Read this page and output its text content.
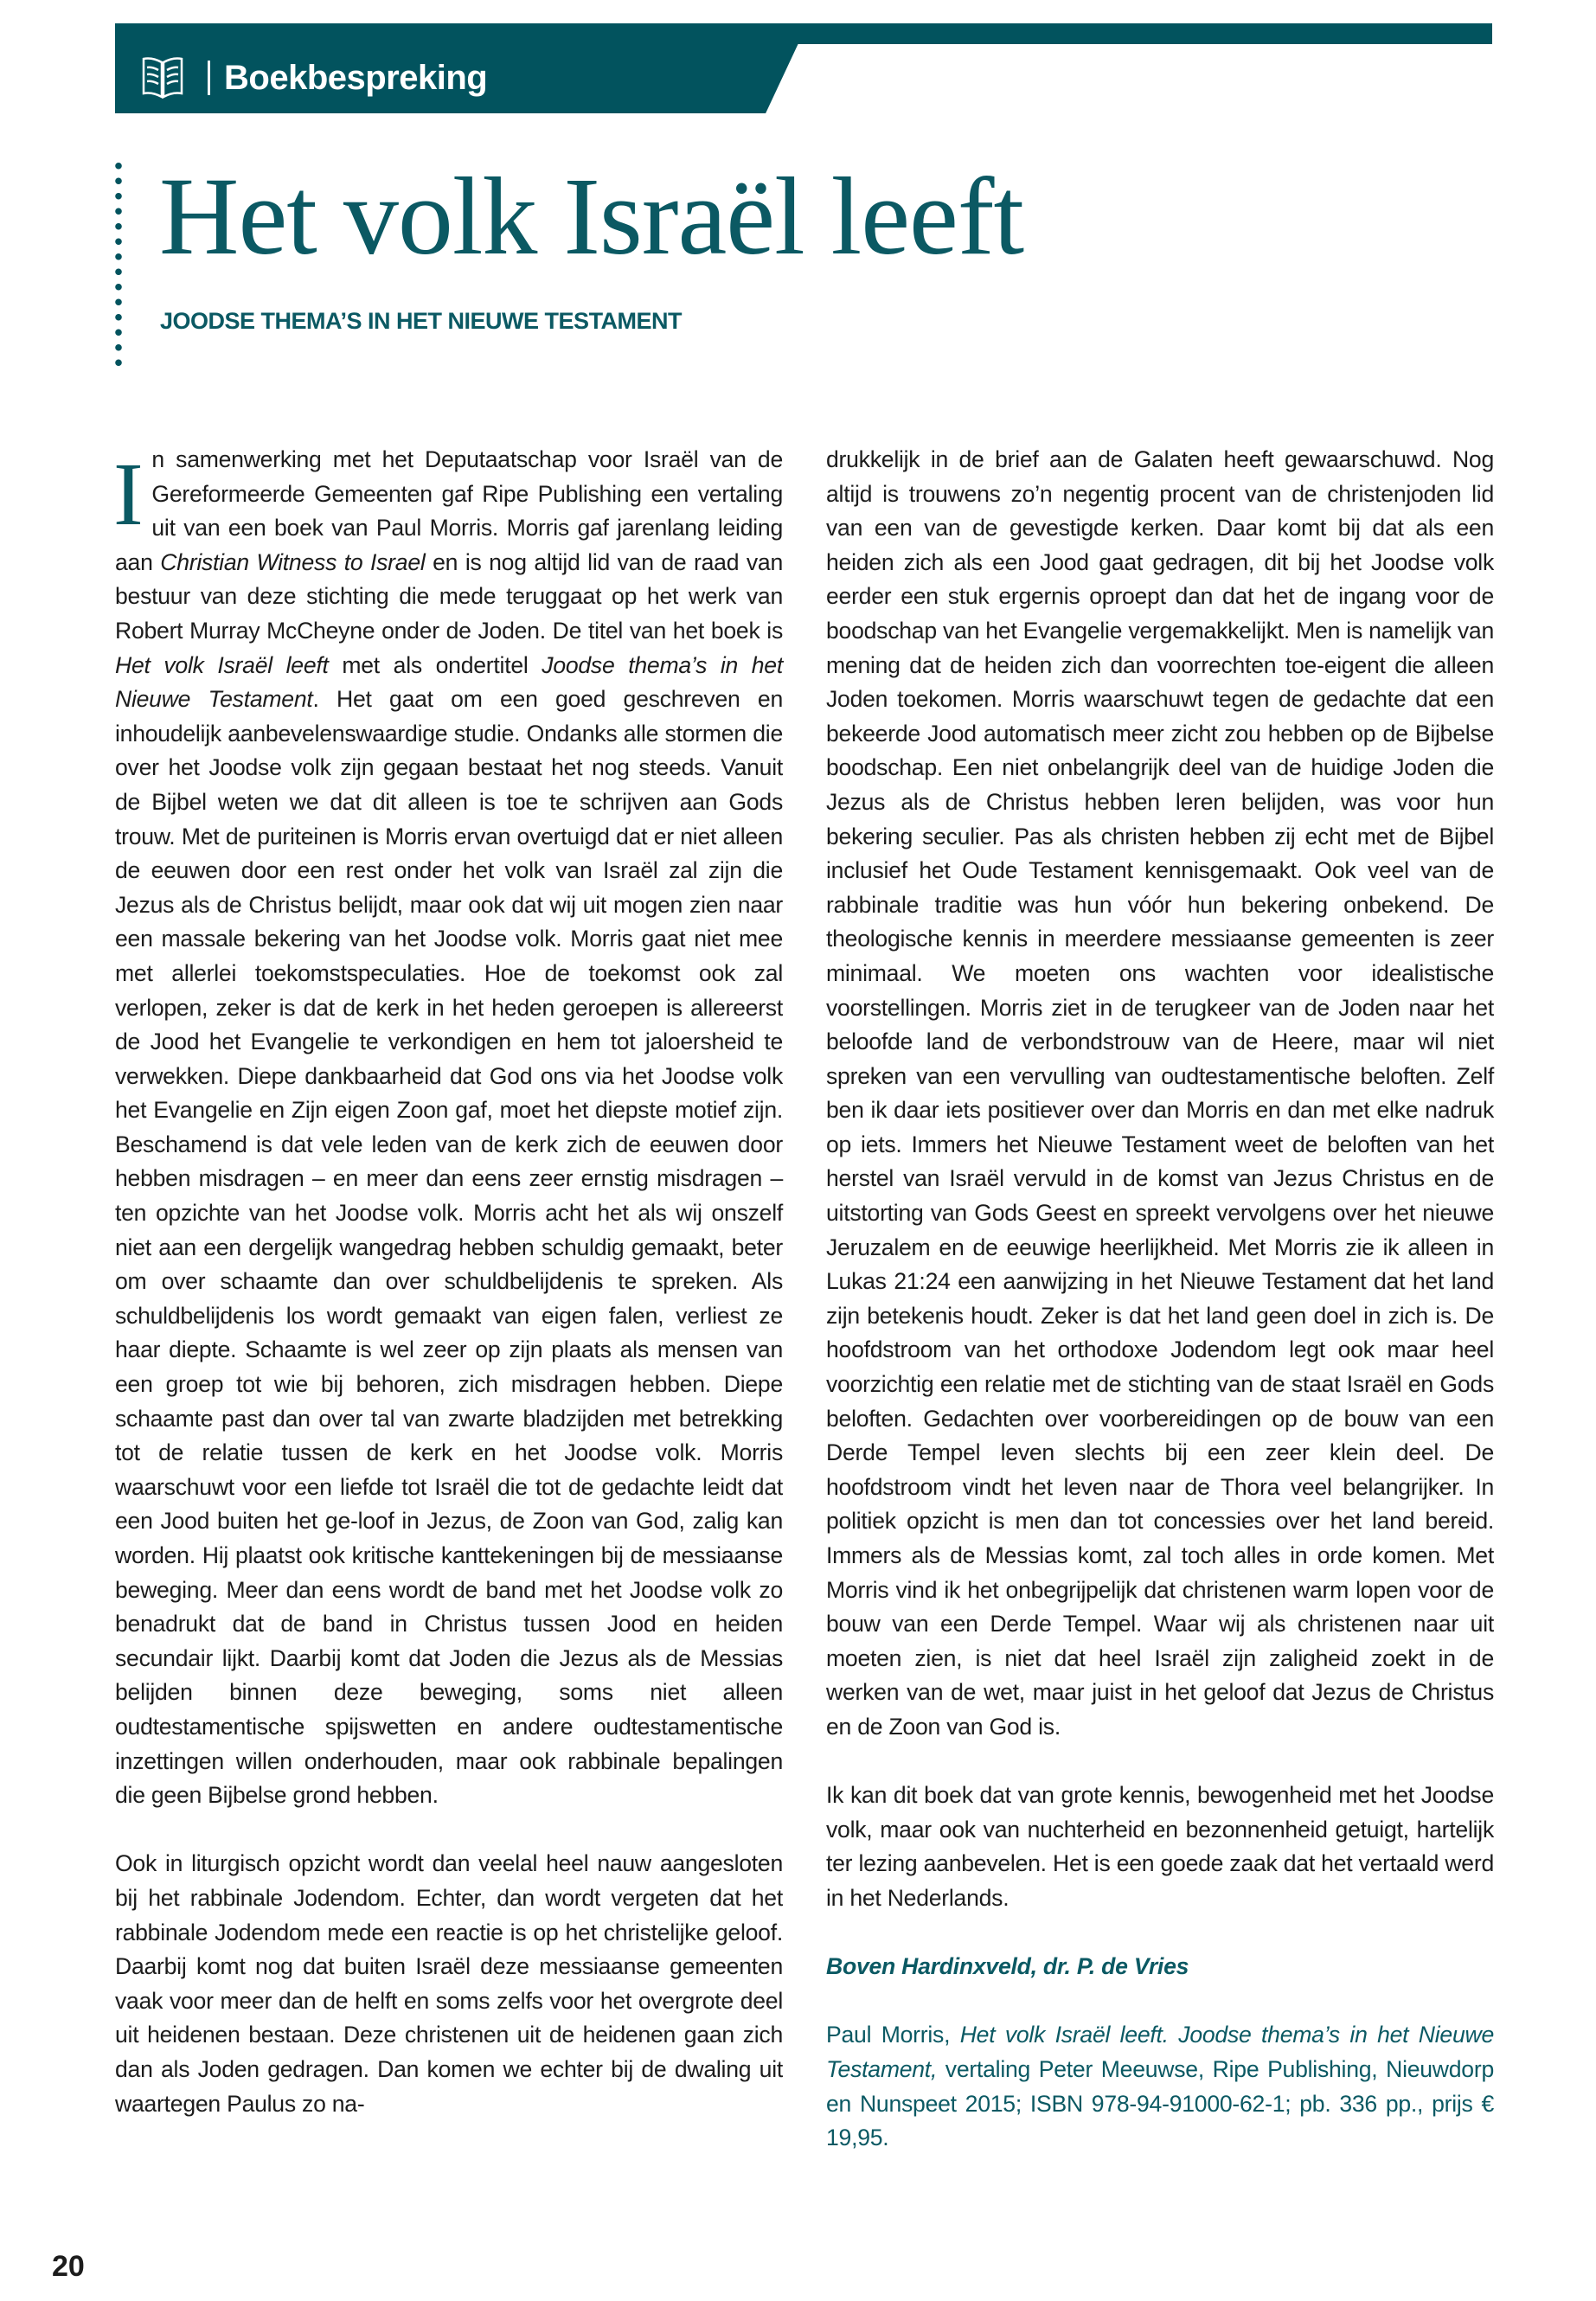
Boekbespreking
Het volk Israël leeft
JOODSE THEMA’S IN HET NIEUWE TESTAMENT

In samenwerking met het Deputaatschap voor Israël van de Gereformeerde Gemeenten gaf Ripe Publishing een vertaling uit van een boek van Paul Morris. Morris gaf jarenlang leiding aan Christian Witness to Israel en is nog altijd lid van de raad van bestuur van deze stichting die mede teruggaat op het werk van Robert Murray McCheyne onder de Joden. De titel van het boek is Het volk Israël leeft met als ondertitel Joodse thema’s in het Nieuwe Testament. Het gaat om een goed geschreven en inhoudelijk aanbevelenswaardige studie. Ondanks alle stormen die over het Joodse volk zijn gegaan bestaat het nog steeds. Vanuit de Bijbel weten we dat dit alleen is toe te schrijven aan Gods trouw. Met de puriteinen is Morris ervan overtuigd dat er niet alleen de eeuwen door een rest onder het volk van Israël zal zijn die Jezus als de Christus belijdt, maar ook dat wij uit mogen zien naar een massale bekering van het Joodse volk. Morris gaat niet mee met allerlei toekomstspeculaties. Hoe de toekomst ook zal verlopen, zeker is dat de kerk in het heden geroepen is allereerst de Jood het Evangelie te verkondigen en hem tot jaloersheid te verwekken. Diepe dankbaarheid dat God ons via het Joodse volk het Evangelie en Zijn eigen Zoon gaf, moet het diepste motief zijn. Beschamend is dat vele leden van de kerk zich de eeuwen door hebben misdragen – en meer dan eens zeer ernstig misdragen – ten opzichte van het Joodse volk. Morris acht het als wij onszelf niet aan een dergelijk wangedrag hebben schuldig gemaakt, beter om over schaamte dan over schuldbelijdenis te spreken. Als schuldbelijdenis los wordt gemaakt van eigen falen, verliest ze haar diepte. Schaamte is wel zeer op zijn plaats als mensen van een groep tot wie bij behoren, zich misdragen hebben. Diepe schaamte past dan over tal van zwarte bladzijden met betrekking tot de relatie tussen de kerk en het Joodse volk. Morris waarschuwt voor een liefde tot Israël die tot de gedachte leidt dat een Jood buiten het ge-loof in Jezus, de Zoon van God, zalig kan worden. Hij plaatst ook kritische kanttekeningen bij de messiaanse beweging. Meer dan eens wordt de band met het Joodse volk zo benadrukt dat de band in Christus tussen Jood en heiden secundair lijkt. Daarbij komt dat Joden die Jezus als de Messias belijden binnen deze beweging, soms niet alleen oudtestamentische spijswetten en andere oudtestamentische inzettingen willen onderhouden, maar ook rabbinale bepalingen die geen Bijbelse grond hebben.

Ook in liturgisch opzicht wordt dan veelal heel nauw aangesloten bij het rabbinale Jodendom. Echter, dan wordt vergeten dat het rabbinale Jodendom mede een reactie is op het christelijke geloof. Daarbij komt nog dat buiten Israël deze messiaanse gemeenten vaak voor meer dan de helft en soms zelfs voor het overgrote deel uit heidenen bestaan. Deze christenen uit de heidenen gaan zich dan als Joden gedragen. Dan komen we echter bij de dwaling uit waartegen Paulus zo na-

drukkelijk in de brief aan de Galaten heeft gewaarschuwd. Nog altijd is trouwens zo’n negentig procent van de christenjoden lid van een van de gevestigde kerken. Daar komt bij dat als een heiden zich als een Jood gaat gedragen, dit bij het Joodse volk eerder een stuk ergernis oproept dan dat het de ingang voor de boodschap van het Evangelie vergemakkelijkt. Men is namelijk van mening dat de heiden zich dan voorrechten toe-eigent die alleen Joden toekomen. Morris waarschuwt tegen de gedachte dat een bekeerde Jood automatisch meer zicht zou hebben op de Bijbelse boodschap. Een niet onbelangrijk deel van de huidige Joden die Jezus als de Christus hebben leren belijden, was voor hun bekering seculier. Pas als christen hebben zij echt met de Bijbel inclusief het Oude Testament kennisgemaakt. Ook veel van de rabbinale traditie was hun vóór hun bekering onbekend. De theologische kennis in meerdere messiaanse gemeenten is zeer minimaal. We moeten ons wachten voor idealistische voorstellingen. Morris ziet in de terugkeer van de Joden naar het beloofde land de verbondstrouw van de Heere, maar wil niet spreken van een vervulling van oudtestamentische beloften. Zelf ben ik daar iets positiever over dan Morris en dan met elke nadruk op iets. Immers het Nieuwe Testament weet de beloften van het herstel van Israël vervuld in de komst van Jezus Christus en de uitstorting van Gods Geest en spreekt vervolgens over het nieuwe Jeruzalem en de eeuwige heerlijkheid. Met Morris zie ik alleen in Lukas 21:24 een aanwijzing in het Nieuwe Testament dat het land zijn betekenis houdt. Zeker is dat het land geen doel in zich is. De hoofdstroom van het orthodoxe Jodendom legt ook maar heel voorzichtig een relatie met de stichting van de staat Israël en Gods beloften. Gedachten over voorbereidingen op de bouw van een Derde Tempel leven slechts bij een zeer klein deel. De hoofdstroom vindt het leven naar de Thora veel belangrijker. In politiek opzicht is men dan tot concessies over het land bereid. Immers als de Messias komt, zal toch alles in orde komen. Met Morris vind ik het onbegrijpelijk dat christenen warm lopen voor de bouw van een Derde Tempel. Waar wij als christenen naar uit moeten zien, is niet dat heel Israël zijn zaligheid zoekt in de werken van de wet, maar juist in het geloof dat Jezus de Christus en de Zoon van God is.

Ik kan dit boek dat van grote kennis, bewogenheid met het Joodse volk, maar ook van nuchterheid en bezonnenheid getuigt, hartelijk ter lezing aanbevelen. Het is een goede zaak dat het vertaald werd in het Nederlands.

Boven Hardinxveld, dr. P. de Vries

Paul Morris, Het volk Israël leeft. Joodse thema’s in het Nieuwe Testament, vertaling Peter Meeuwse, Ripe Publishing, Nieuwdorp en Nunspeet 2015; ISBN 978-94-91000-62-1; pb. 336 pp., prijs € 19,95.

20
